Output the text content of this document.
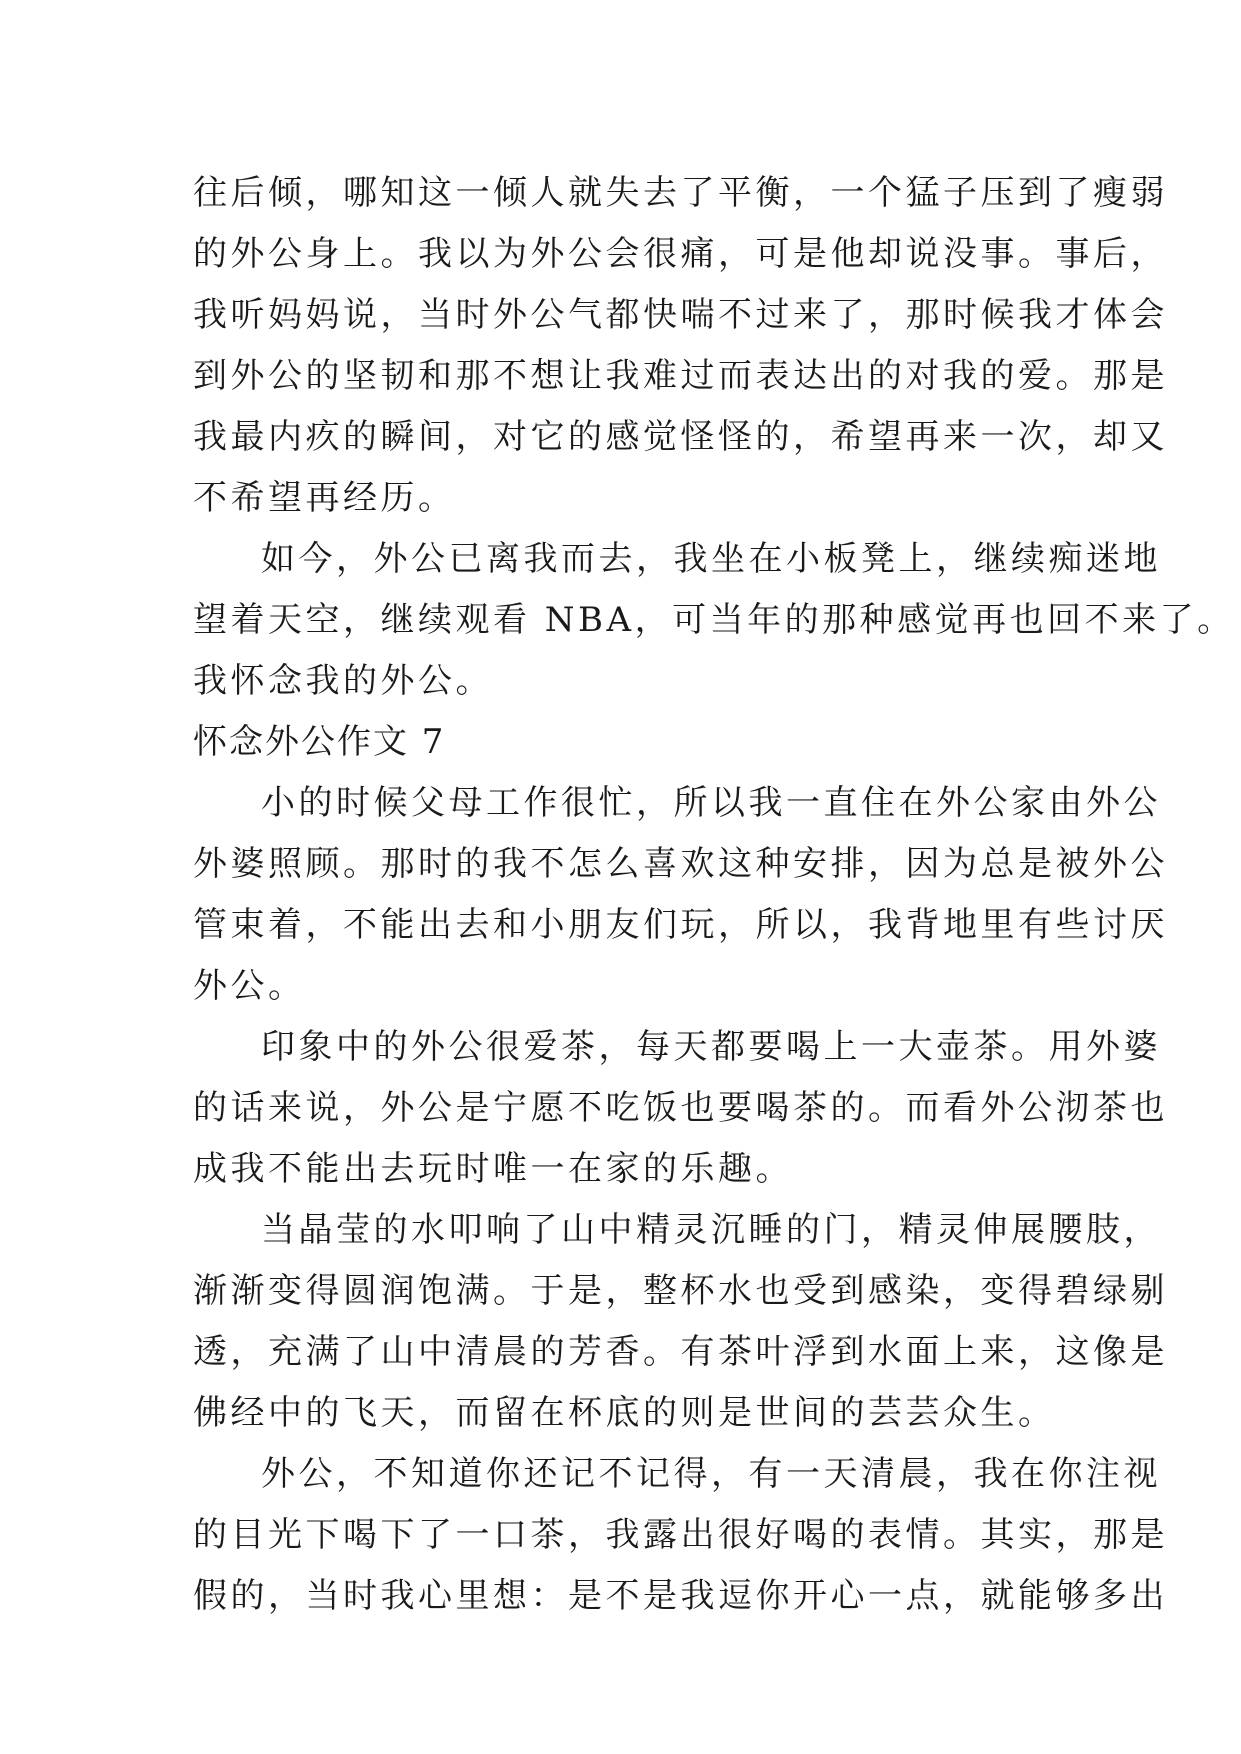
往后倾，哪知这一倾人就失去了平衡，一个猛子压到了瘦弱
的外公身上。我以为外公会很痛，可是他却说没事。事后，
我听妈妈说，当时外公气都快喘不过来了，那时候我才体会
到外公的坚韧和那不想让我难过而表达出的对我的爱。那是
我最内疚的瞬间，对它的感觉怪怪的，希望再来一次，却又
不希望再经历。
如今，外公已离我而去，我坐在小板凳上，继续痴迷地
望着天空，继续观看 NBA，可当年的那种感觉再也回不来了。
我怀念我的外公。
怀念外公作文 7
小的时候父母工作很忙，所以我一直住在外公家由外公
外婆照顾。那时的我不怎么喜欢这种安排，因为总是被外公
管束着，不能出去和小朋友们玩，所以，我背地里有些讨厌
外公。
印象中的外公很爱茶，每天都要喝上一大壶茶。用外婆
的话来说，外公是宁愿不吃饭也要喝茶的。而看外公沏茶也
成我不能出去玩时唯一在家的乐趣。
当晶莹的水叩响了山中精灵沉睡的门，精灵伸展腰肢，
渐渐变得圆润饱满。于是，整杯水也受到感染，变得碧绿剔
透，充满了山中清晨的芳香。有茶叶浮到水面上来，这像是
佛经中的飞天，而留在杯底的则是世间的芸芸众生。
外公，不知道你还记不记得，有一天清晨，我在你注视
的目光下喝下了一口茶，我露出很好喝的表情。其实，那是
假的，当时我心里想：是不是我逗你开心一点，就能够多出
